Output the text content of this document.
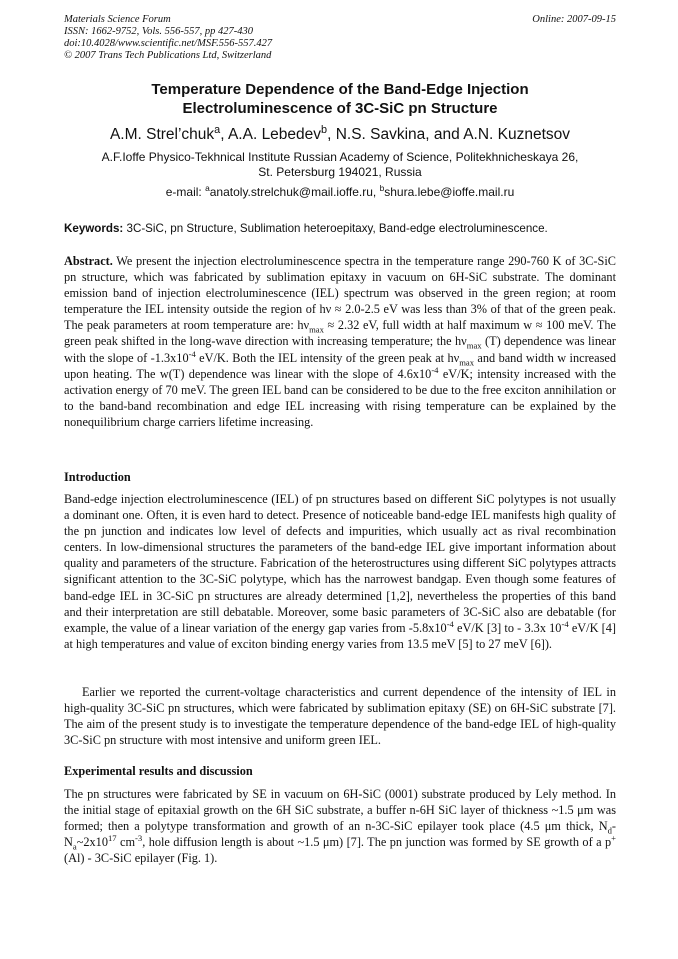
Materials Science Forum
ISSN: 1662-9752, Vols. 556-557, pp 427-430
doi:10.4028/www.scientific.net/MSF.556-557.427
© 2007 Trans Tech Publications Ltd, Switzerland
Online: 2007-09-15
Temperature Dependence of the Band-Edge Injection
Electroluminescence of 3C-SiC pn Structure
A.M. Strel’chuk$^a$, A.A. Lebedev$^b$, N.S. Savkina, and A.N. Kuznetsov
A.F.Ioffe Physico-Tekhnical Institute Russian Academy of Science, Politekhnicheskaya 26,
St. Petersburg 194021, Russia
e-mail: $^a$anatoly.strelchuk@mail.ioffe.ru, $^b$shura.lebe@ioffe.mail.ru
Keywords: 3C-SiC, pn Structure, Sublimation heteroepitaxy, Band-edge electroluminescence.

Abstract. We present the injection electroluminescence spectra in the temperature range 290-760 K of 3C-SiC pn structure, which was fabricated by sublimation epitaxy in vacuum on 6H-SiC substrate. The dominant emission band of injection electroluminescence (IEL) spectrum was observed in the green region; at room temperature the IEL intensity outside the region of hν ≈ 2.0-2.5 eV was less than 3% of that of the green peak. The peak parameters at room temperature are: $h\nu_{max} \approx 2.32$ eV, full width at half maximum w ≈ 100 meV. The green peak shifted in the long-wave direction with increasing temperature; the $h\nu_{max}$ (T) dependence was linear with the slope of $-1.3x10^{-4}$ eV/K. Both the IEL intensity of the green peak at $h\nu_{max}$ and band width w increased upon heating. The w(T) dependence was linear with the slope of $4.6x10^{-4}$ eV/K; intensity increased with the activation energy of 70 meV. The green IEL band can be considered to be due to the free exciton annihilation or to the band-band recombination and edge IEL increasing with rising temperature can be explained by the nonequilibrium charge carriers lifetime increasing.

Introduction

Band-edge injection electroluminescence (IEL) of pn structures based on different SiC polytypes is not usually a dominant one. Often, it is even hard to detect. Presence of noticeable band-edge IEL manifests high quality of the pn junction and indicates low level of defects and impurities, which usually act as rival recombination centers. In low-dimensional structures the parameters of the band-edge IEL give important information about quality and parameters of the structure. Fabrication of the heterostructures using different SiC polytypes attracts significant attention to the 3C-SiC polytype, which has the narrowest bandgap. Even though some features of band-edge IEL in 3C-SiC pn structures are already determined [1,2], nevertheless the properties of this band and their interpretation are still debatable. Moreover, some basic parameters of 3C-SiC also are debatable (for example, the value of a linear variation of the energy gap varies from $-5.8x10^{-4}$ eV/K [3] to - 3.3x $10^{-4}$ eV/K [4] at high temperatures and value of exciton binding energy varies from 13.5 meV [5] to 27 meV [6]).

Earlier we reported the current-voltage characteristics and current dependence of the intensity of IEL in high-quality 3C-SiC pn structures, which were fabricated by sublimation epitaxy (SE) on 6H-SiC substrate [7]. The aim of the present study is to investigate the temperature dependence of the band-edge IEL of high-quality 3C-SiC pn structure with most intensive and uniform green IEL.

Experimental results and discussion

The pn structures were fabricated by SE in vacuum on 6H-SiC (0001) substrate produced by Lely method. In the initial stage of epitaxial growth on the 6H SiC substrate, a buffer n-6H SiC layer of thickness ~1.5 μm was formed; then a polytype transformation and growth of an n-3C-SiC epilayer took place (4.5 μm thick, $N_d-N_a\sim 2x10^{17}$ $cm^{-3}$, hole diffusion length is about ~1.5 μm) [7]. The pn junction was formed by SE growth of a p+(Al) - 3C-SiC epilayer (Fig. 1).
